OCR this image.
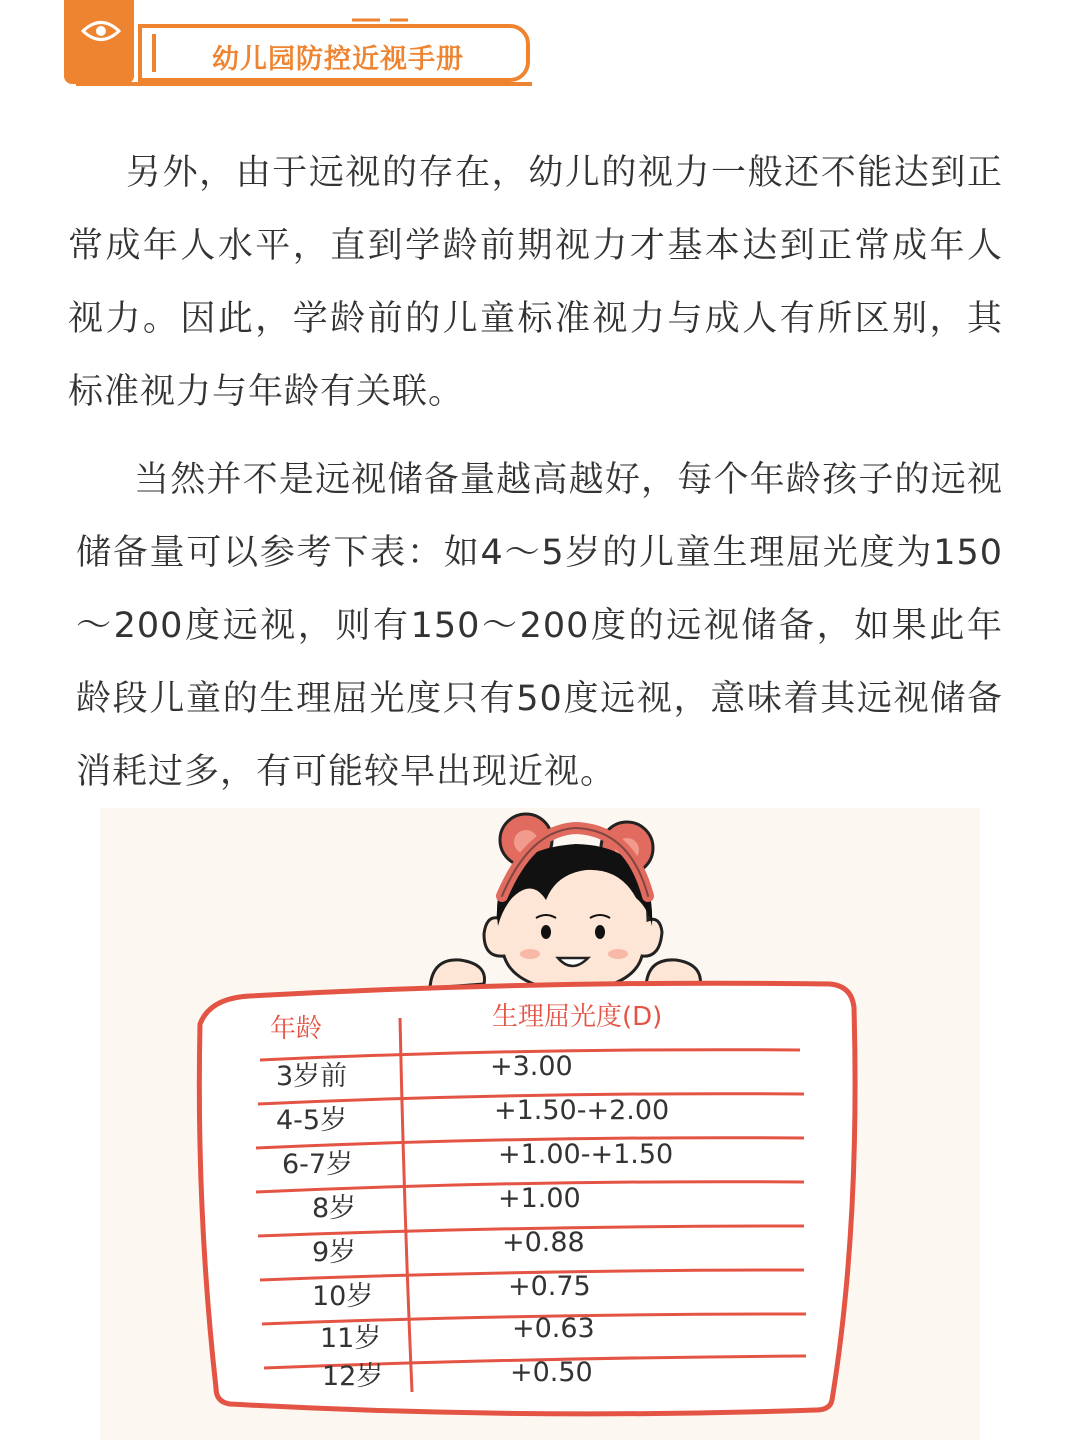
幼儿园防控近视手册

另外，由于远视的存在，幼儿的视力一般还不能达到正常成年人水平，直到学龄前期视力才基本达到正常成年人视力。因此，学龄前的儿童标准视力与成人有所区别，其标准视力与年龄有关联。

当然并不是远视储备量越高越好，每个年龄孩子的远视储备量可以参考下表：如4～5岁的儿童生理屈光度为150～200度远视，则有150～200度的远视储备，如果此年龄段儿童的生理屈光度只有50度远视，意味着其远视储备消耗过多，有可能较早出现近视。

年龄	生理屈光度(D)
3岁前	+3.00
4-5岁	+1.50-+2.00
6-7岁	+1.00-+1.50
8岁	+1.00
9岁	+0.88
10岁	+0.75
11岁	+0.63
12岁	+0.50
